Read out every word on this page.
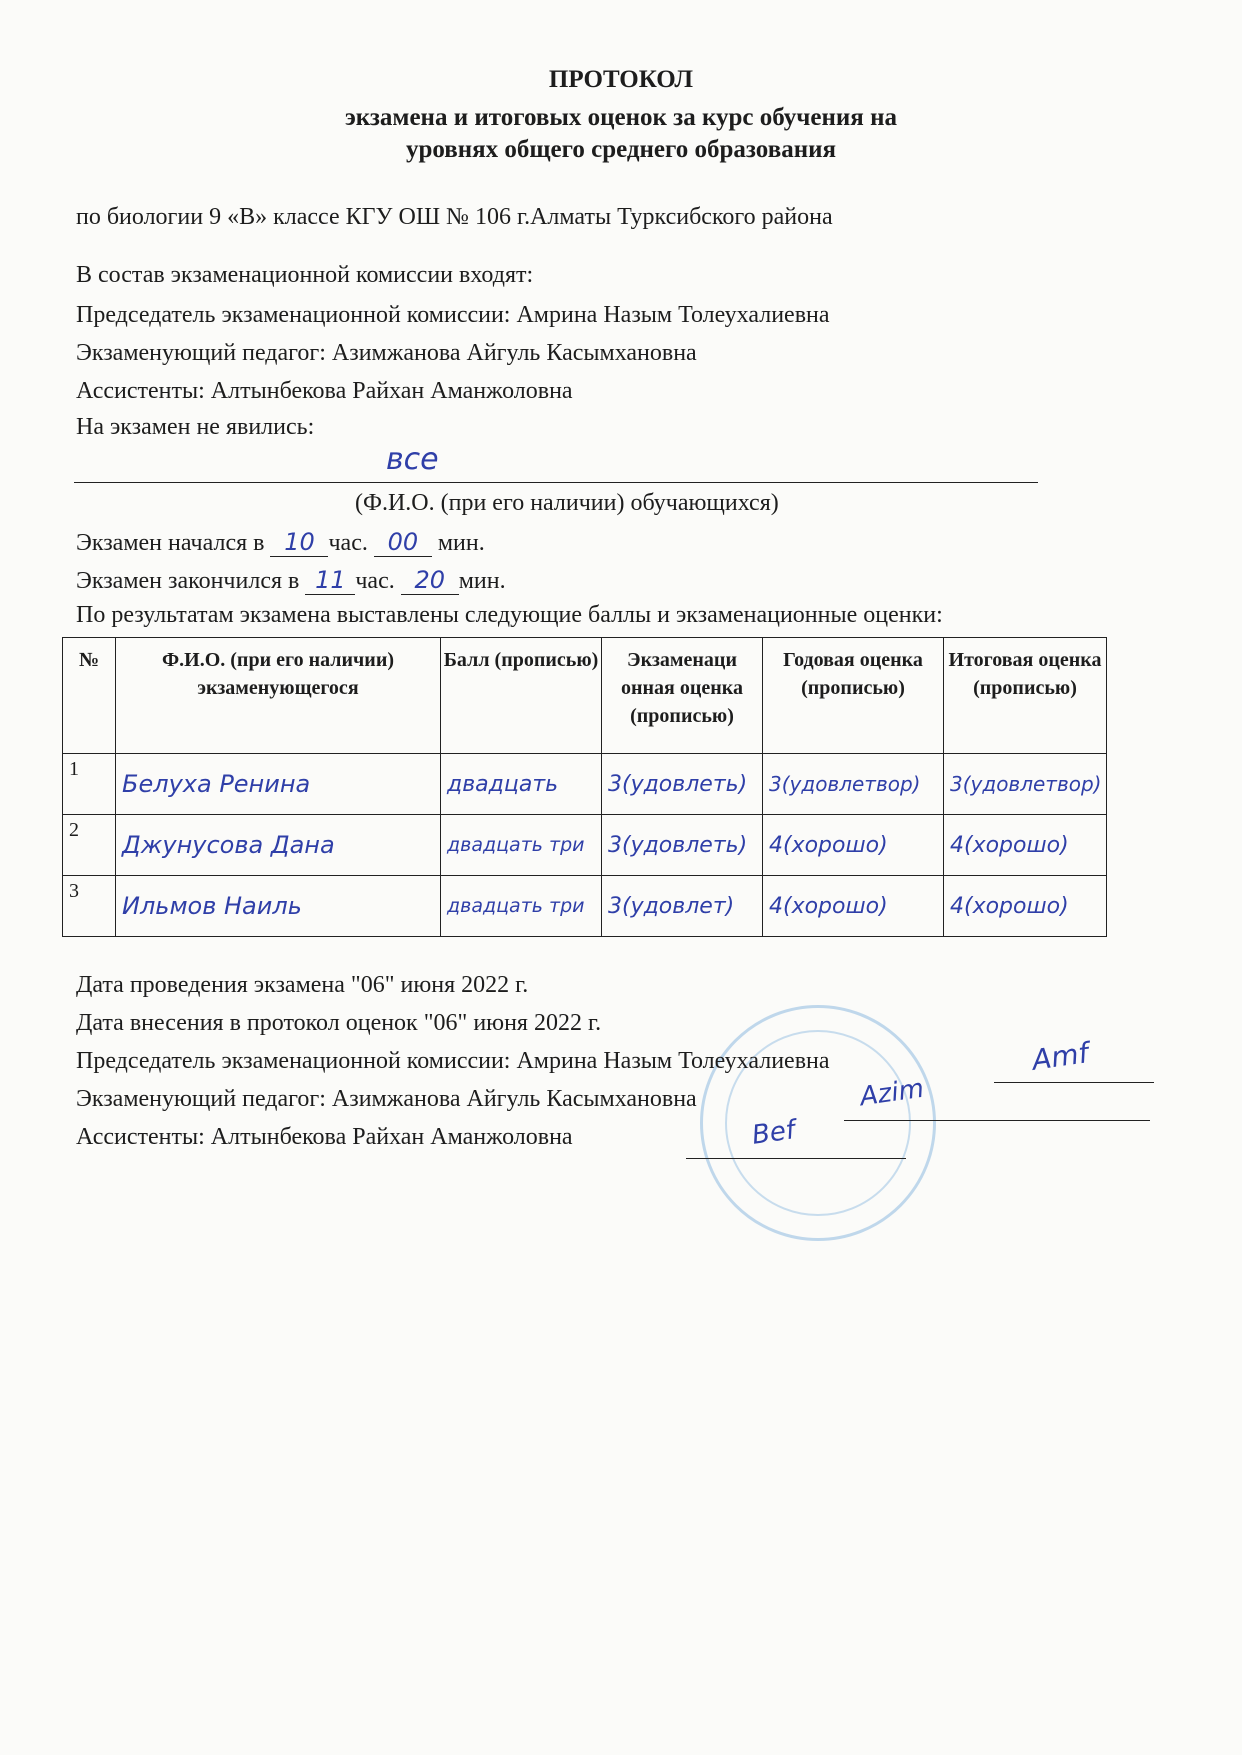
ПРОТОКОЛ
экзамена и итоговых оценок за курс обучения на
уровнях общего среднего образования
по биологии 9 «В» классе КГУ ОШ № 106 г.Алматы Турксибского района
В состав экзаменационной комиссии входят:
Председатель экзаменационной комиссии: Амрина Назым Толеухалиевна
Экзаменующий педагог: Азимжанова Айгуль Касымхановна
Ассистенты: Алтынбекова Райхан Аманжоловна
На экзамен не явились:
все
(Ф.И.О. (при его наличии) обучающихся)
Экзамен начался в 10 час. 00 мин.
Экзамен закончился в 11 час. 20 мин.
По результатам экзамена выставлены следующие баллы и экзаменационные оценки:
№	Ф.И.О. (при его наличии) экзаменующегося	Балл (прописью)	Экзаменаци онная оценка (прописью)	Годовая оценка (прописью)	Итоговая оценка (прописью)
1	Белуха Ренина	двадцать	3(удовлеть)	3(удовлетвор)	3(удовлетвор)
2	Джунусова Дана	двадцать три	3(удовлеть)	4(хорошо)	4(хорошо)
3	Ильмов Наиль	двадцать три	3(удовлет)	4(хорошо)	4(хорошо)
Дата проведения экзамена "06" июня 2022 г.
Дата внесения в протокол оценок "06" июня 2022 г.
Председатель экзаменационной комиссии: Амрина Назым Толеухалиевна	Amf
Экзаменующий педагог: Азимжанова Айгуль Касымхановна	Azim
Ассистенты: Алтынбекова Райхан Аманжоловна	Bef
